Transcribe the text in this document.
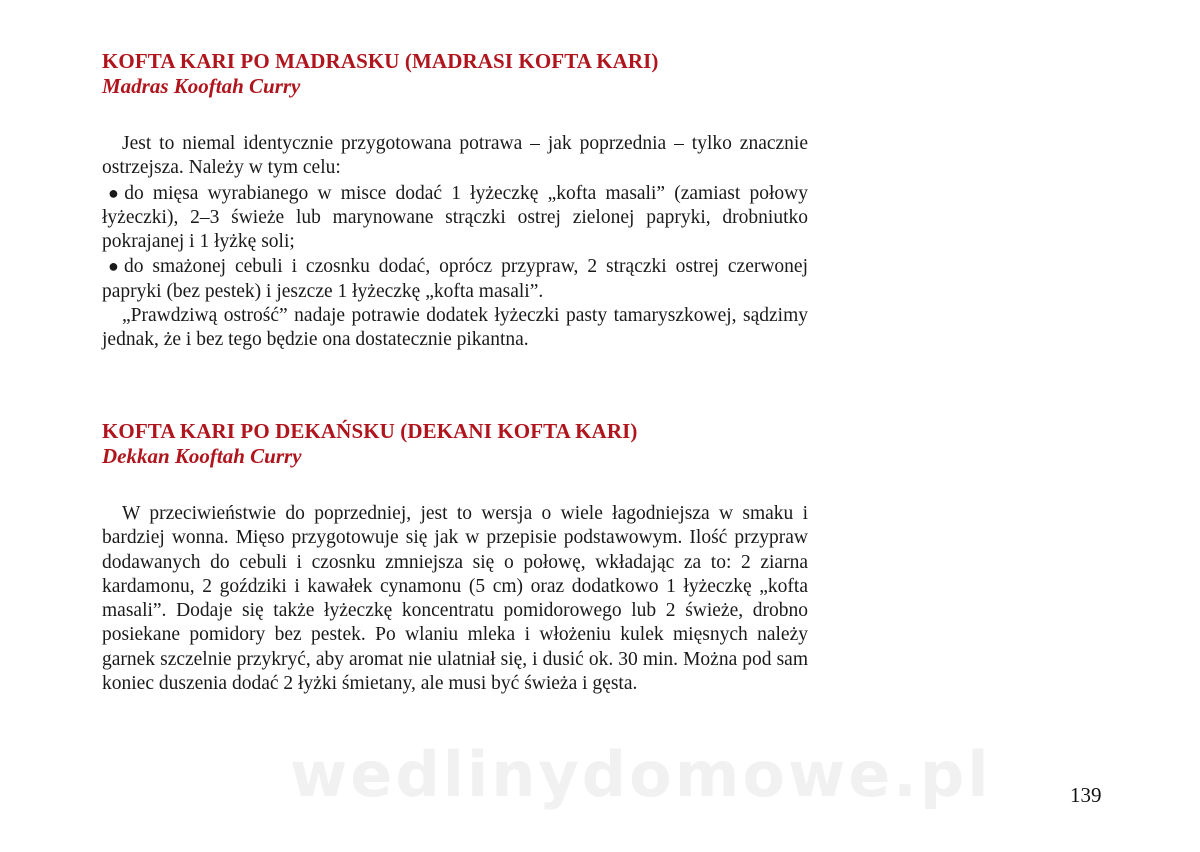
KOFTA KARI PO MADRASKU (MADRASI KOFTA KARI)
Madras Kooftah Curry

Jest to niemal identycznie przygotowana potrawa – jak poprzednia – tylko znacznie ostrzejsza. Należy w tym celu:

● do mięsa wyrabianego w misce dodać 1 łyżeczkę „kofta masali” (zamiast połowy łyżeczki), 2–3 świeże lub marynowane strączki ostrej zielonej papryki, drobniutko pokrajanej i 1 łyżkę soli;

● do smażonej cebuli i czosnku dodać, oprócz przypraw, 2 strączki ostrej czerwonej papryki (bez pestek) i jeszcze 1 łyżeczkę „kofta masali”.

„Prawdziwą ostrość” nadaje potrawie dodatek łyżeczki pasty tamaryszkowej, sądzimy jednak, że i bez tego będzie ona dostatecznie pikantna.

KOFTA KARI PO DEKAŃSKU (DEKANI KOFTA KARI)
Dekkan Kooftah Curry

W przeciwieństwie do poprzedniej, jest to wersja o wiele łagodniejsza w smaku i bardziej wonna. Mięso przygotowuje się jak w przepisie podstawowym. Ilość przypraw dodawanych do cebuli i czosnku zmniejsza się o połowę, wkładając za to: 2 ziarna kardamonu, 2 goździki i kawałek cynamonu (5 cm) oraz dodatkowo 1 łyżeczkę „kofta masali”. Dodaje się także łyżeczkę koncentratu pomidorowego lub 2 świeże, drobno posiekane pomidory bez pestek. Po wlaniu mleka i włożeniu kulek mięsnych należy garnek szczelnie przykryć, aby aromat nie ulatniał się, i dusić ok. 30 min. Można pod sam koniec duszenia dodać 2 łyżki śmietany, ale musi być świeża i gęsta.

wedlinydomowe.pl	139
